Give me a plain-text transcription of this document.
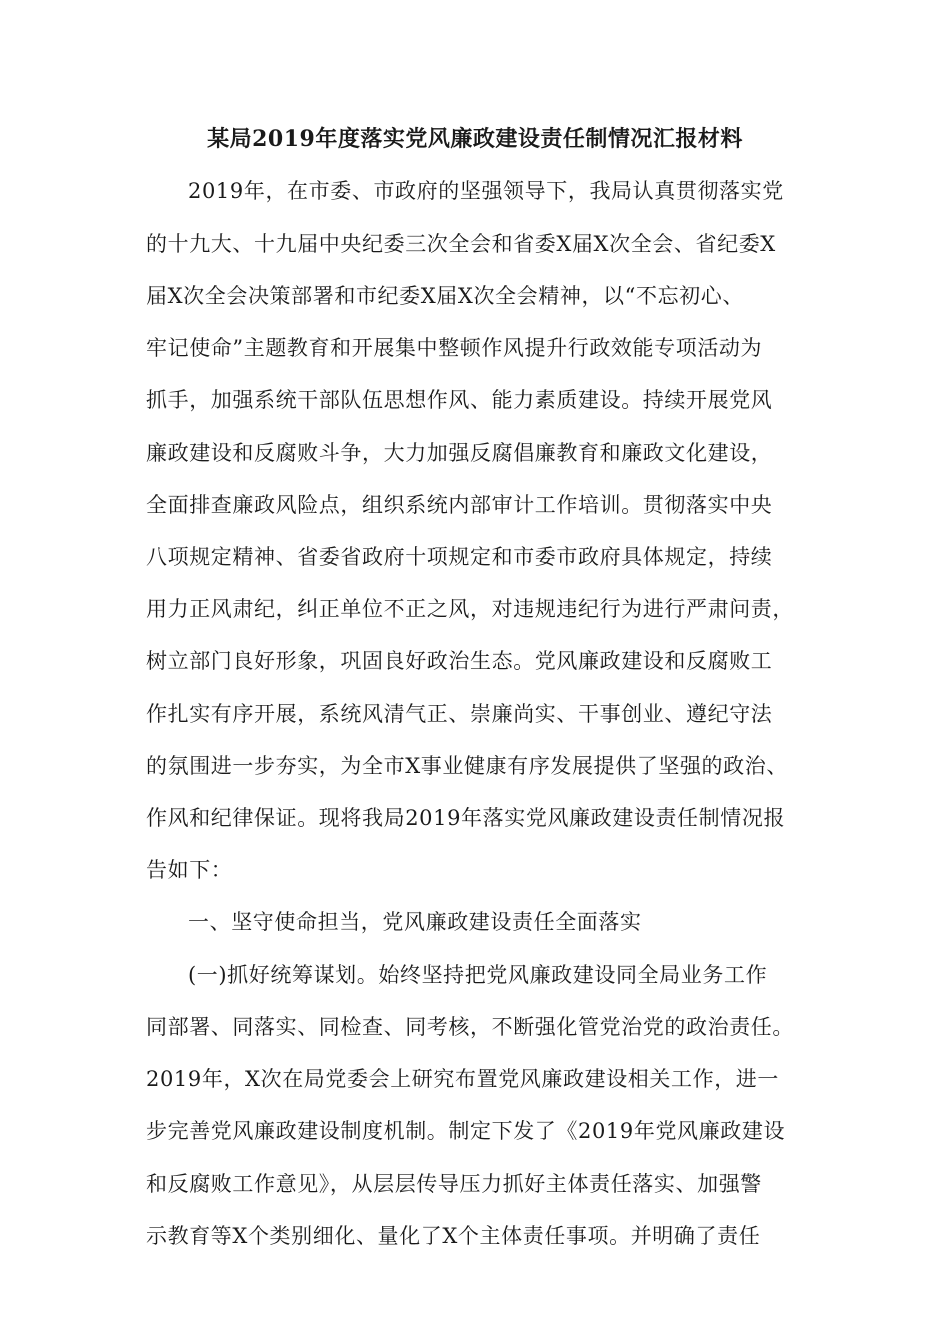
某局2019年度落实党风廉政建设责任制情况汇报材料
2019年，在市委、市政府的坚强领导下，我局认真贯彻落实党
的十九大、十九届中央纪委三次全会和省委X届X次全会、省纪委X
届X次全会决策部署和市纪委X届X次全会精神，以“不忘初心、
牢记使命”主题教育和开展集中整顿作风提升行政效能专项活动为
抓手，加强系统干部队伍思想作风、能力素质建设。持续开展党风
廉政建设和反腐败斗争，大力加强反腐倡廉教育和廉政文化建设，
全面排查廉政风险点，组织系统内部审计工作培训。贯彻落实中央
八项规定精神、省委省政府十项规定和市委市政府具体规定，持续
用力正风肃纪，纠正单位不正之风，对违规违纪行为进行严肃问责，
树立部门良好形象，巩固良好政治生态。党风廉政建设和反腐败工
作扎实有序开展，系统风清气正、崇廉尚实、干事创业、遵纪守法
的氛围进一步夯实，为全市X事业健康有序发展提供了坚强的政治、
作风和纪律保证。现将我局2019年落实党风廉政建设责任制情况报
告如下：
一、坚守使命担当，党风廉政建设责任全面落实
(一)抓好统筹谋划。始终坚持把党风廉政建设同全局业务工作
同部署、同落实、同检查、同考核，不断强化管党治党的政治责任。
2019年，X次在局党委会上研究布置党风廉政建设相关工作，进一
步完善党风廉政建设制度机制。制定下发了《2019年党风廉政建设
和反腐败工作意见》，从层层传导压力抓好主体责任落实、加强警
示教育等X个类别细化、量化了X个主体责任事项。并明确了责任
